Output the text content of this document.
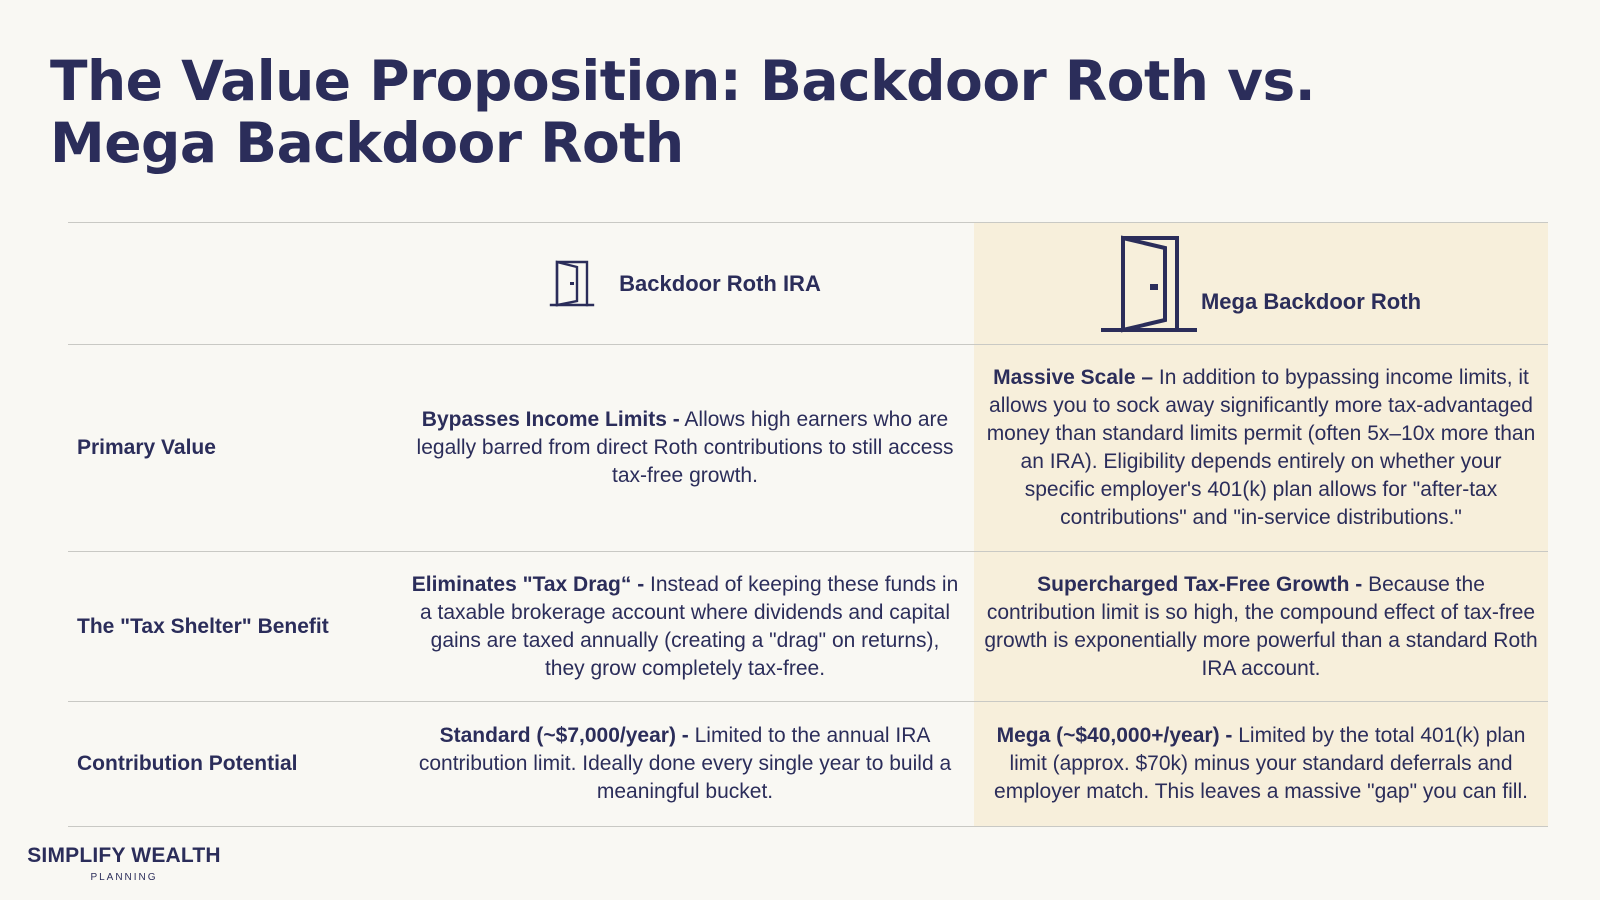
The Value Proposition: Backdoor Roth vs. Mega Backdoor Roth
Backdoor Roth IRA
Mega Backdoor Roth
Primary Value
Bypasses Income Limits - Allows high earners who are legally barred from direct Roth contributions to still access tax-free growth.
Massive Scale – In addition to bypassing income limits, it allows you to sock away significantly more tax-advantaged money than standard limits permit (often 5x–10x more than an IRA). Eligibility depends entirely on whether your specific employer's 401(k) plan allows for "after-tax contributions" and "in-service distributions."
The "Tax Shelter" Benefit
Eliminates "Tax Drag“ - Instead of keeping these funds in a taxable brokerage account where dividends and capital gains are taxed annually (creating a "drag" on returns), they grow completely tax-free.
Supercharged Tax-Free Growth - Because the contribution limit is so high, the compound effect of tax-free growth is exponentially more powerful than a standard Roth IRA account.
Contribution Potential
Standard (~$7,000/year) - Limited to the annual IRA contribution limit. Ideally done every single year to build a meaningful bucket.
Mega (~$40,000+/year) - Limited by the total 401(k) plan limit (approx. $70k) minus your standard deferrals and employer match. This leaves a massive "gap" you can fill.
SIMPLIFY WEALTH
PLANNING
